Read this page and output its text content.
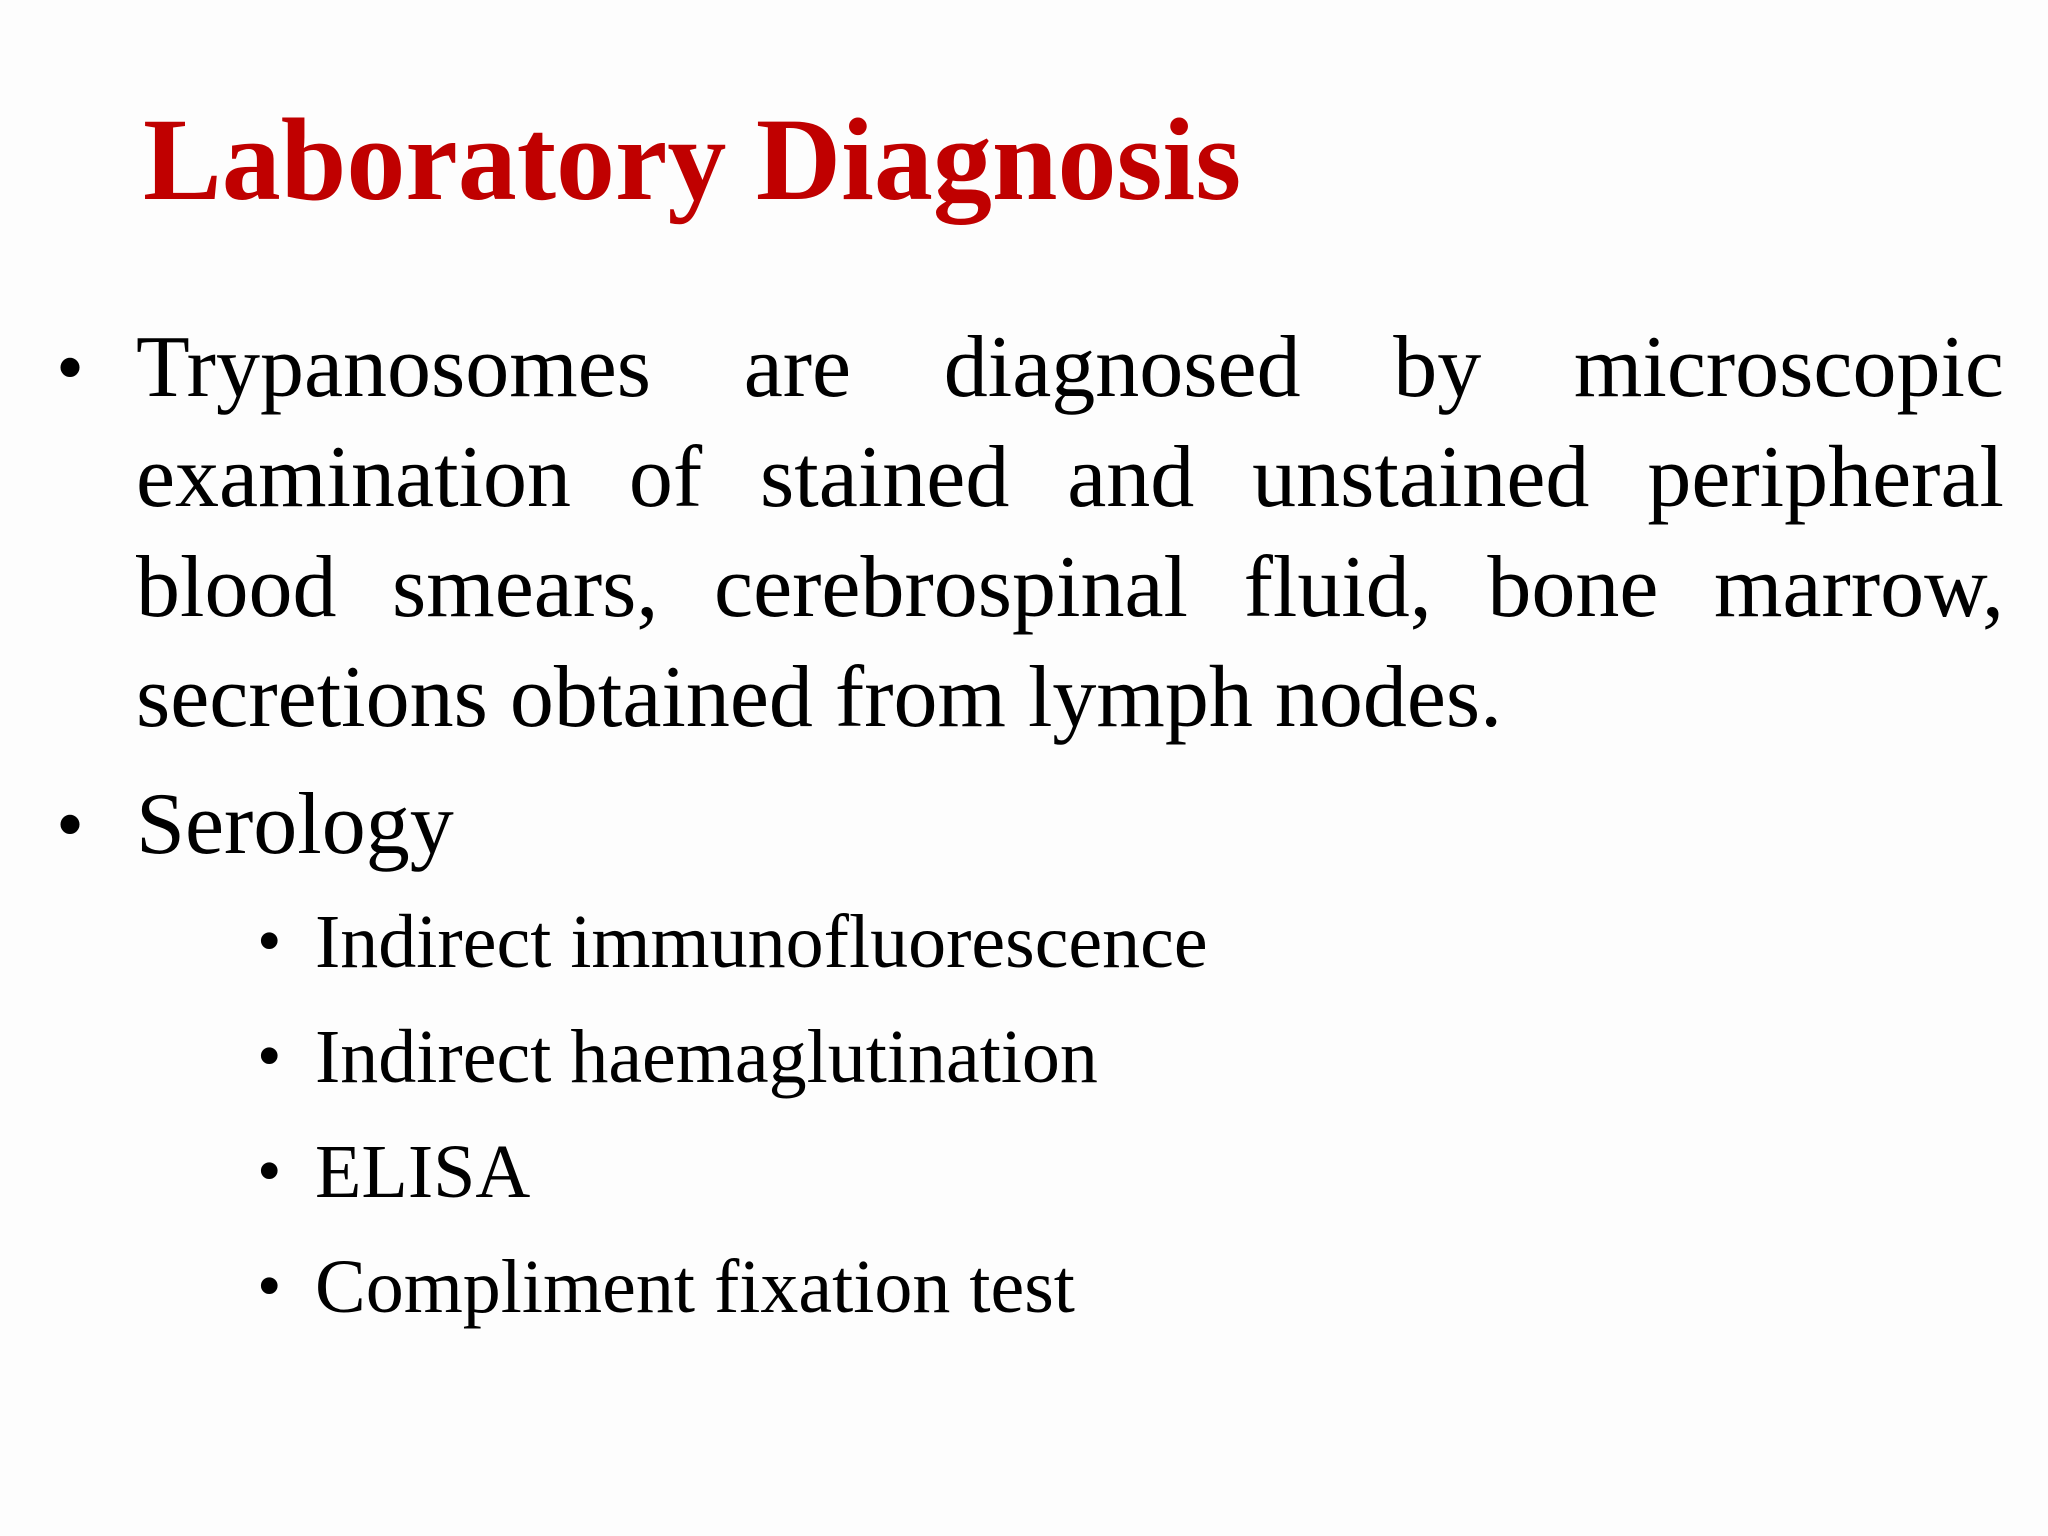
Laboratory Diagnosis
• Trypanosomes are diagnosed by microscopic
examination of stained and unstained peripheral
blood smears, cerebrospinal fluid, bone marrow,
secretions obtained from lymph nodes.
• Serology
• Indirect immunofluorescence
• Indirect haemaglutination
• ELISA
• Compliment fixation test
